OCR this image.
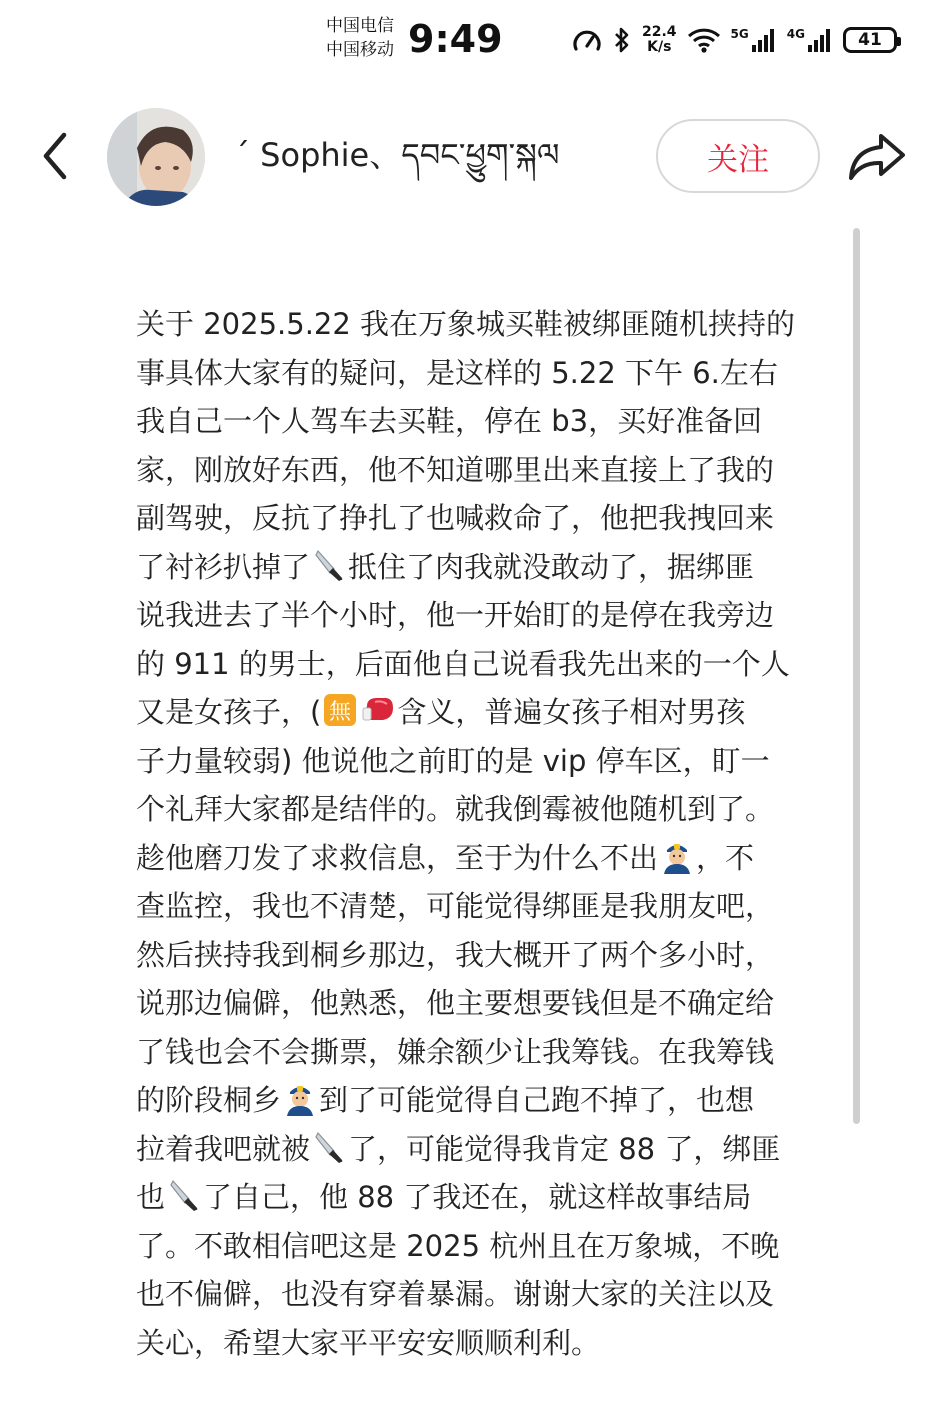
中国电信
中国移动 9:49	22.4
K/s
5G	4G	41
ˊ Sophie、དབང་ཕྱུག་སྐལ	关注
关于 2025.5.22 我在万象城买鞋被绑匪随机挟持的
事具体大家有的疑问，是这样的 5.22 下午 6.左右
我自己一个人驾车去买鞋，停在 b3，买好准备回
家，刚放好东西，他不知道哪里出来直接上了我的
副驾驶，反抗了挣扎了也喊救命了，他把我拽回来
了衬衫扒掉了 抵住了肉我就没敢动了，据绑匪
说我进去了半个小时，他一开始盯的是停在我旁边
的 911 的男士，后面他自己说看我先出来的一个人
又是女孩子，( 無 含义，普遍女孩子相对男孩
子力量较弱) 他说他之前盯的是 vip 停车区，盯一
个礼拜大家都是结伴的。就我倒霉被他随机到了。
趁他磨刀发了求救信息，至于为什么不出 ，不
查监控，我也不清楚，可能觉得绑匪是我朋友吧，
然后挟持我到桐乡那边，我大概开了两个多小时，
说那边偏僻，他熟悉，他主要想要钱但是不确定给
了钱也会不会撕票，嫌余额少让我筹钱。在我筹钱
的阶段桐乡 到了可能觉得自己跑不掉了，也想
拉着我吧就被 了，可能觉得我肯定 88 了，绑匪
也 了自己，他 88 了我还在，就这样故事结局
了。不敢相信吧这是 2025 杭州且在万象城，不晚
也不偏僻，也没有穿着暴漏。谢谢大家的关注以及
关心，希望大家平平安安顺顺利利。
